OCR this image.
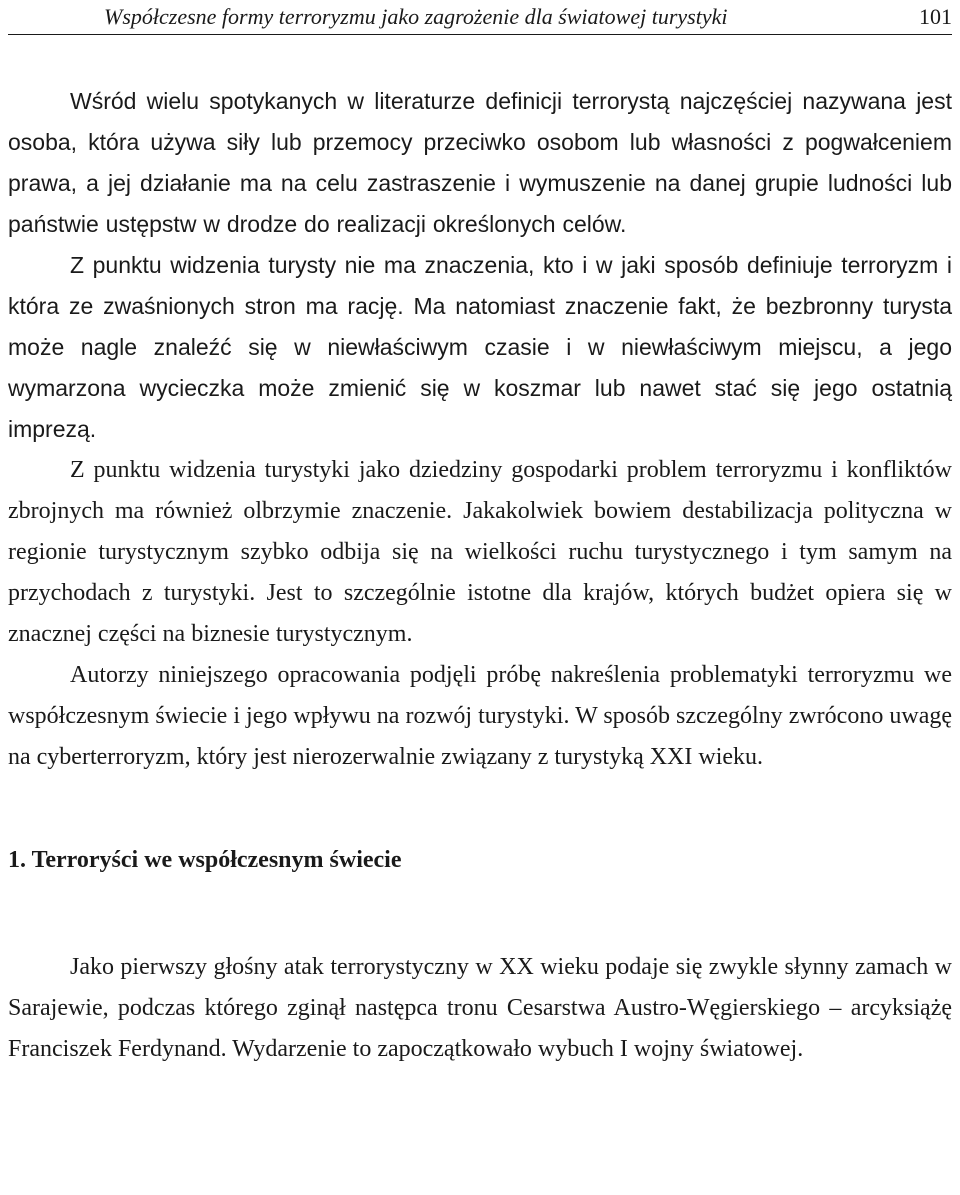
Współczesne formy terroryzmu jako zagrożenie dla światowej turystyki	101

Wśród wielu spotykanych w literaturze definicji terrorystą najczęściej nazywana jest osoba, która używa siły lub przemocy przeciwko osobom lub własności z pogwałceniem prawa, a jej działanie ma na celu zastraszenie i wymuszenie na danej grupie ludności lub państwie ustępstw w drodze do realizacji określonych celów.

Z punktu widzenia turysty nie ma znaczenia, kto i w jaki sposób definiuje terroryzm i która ze zwaśnionych stron ma rację. Ma natomiast znaczenie fakt, że bezbronny turysta może nagle znaleźć się w niewłaściwym czasie i w niewłaściwym miejscu, a jego wymarzona wycieczka może zmienić się w koszmar lub nawet stać się jego ostatnią imprezą.

Z punktu widzenia turystyki jako dziedziny gospodarki problem terroryzmu i konfliktów zbrojnych ma również olbrzymie znaczenie. Jakakolwiek bowiem destabilizacja polityczna w regionie turystycznym szybko odbija się na wielkości ruchu turystycznego i tym samym na przychodach z turystyki. Jest to szczególnie istotne dla krajów, których budżet opiera się w znacznej części na biznesie turystycznym.

Autorzy niniejszego opracowania podjęli próbę nakreślenia problematyki terroryzmu we współczesnym świecie i jego wpływu na rozwój turystyki. W sposób szczególny zwrócono uwagę na cyberterroryzm, który jest nierozerwalnie związany z turystyką XXI wieku.

1. Terroryści we współczesnym świecie

Jako pierwszy głośny atak terrorystyczny w XX wieku podaje się zwykle słynny zamach w Sarajewie, podczas którego zginął następca tronu Cesarstwa Austro-Węgierskiego – arcyksiążę Franciszek Ferdynand. Wydarzenie to zapoczątkowało wybuch I wojny światowej.
